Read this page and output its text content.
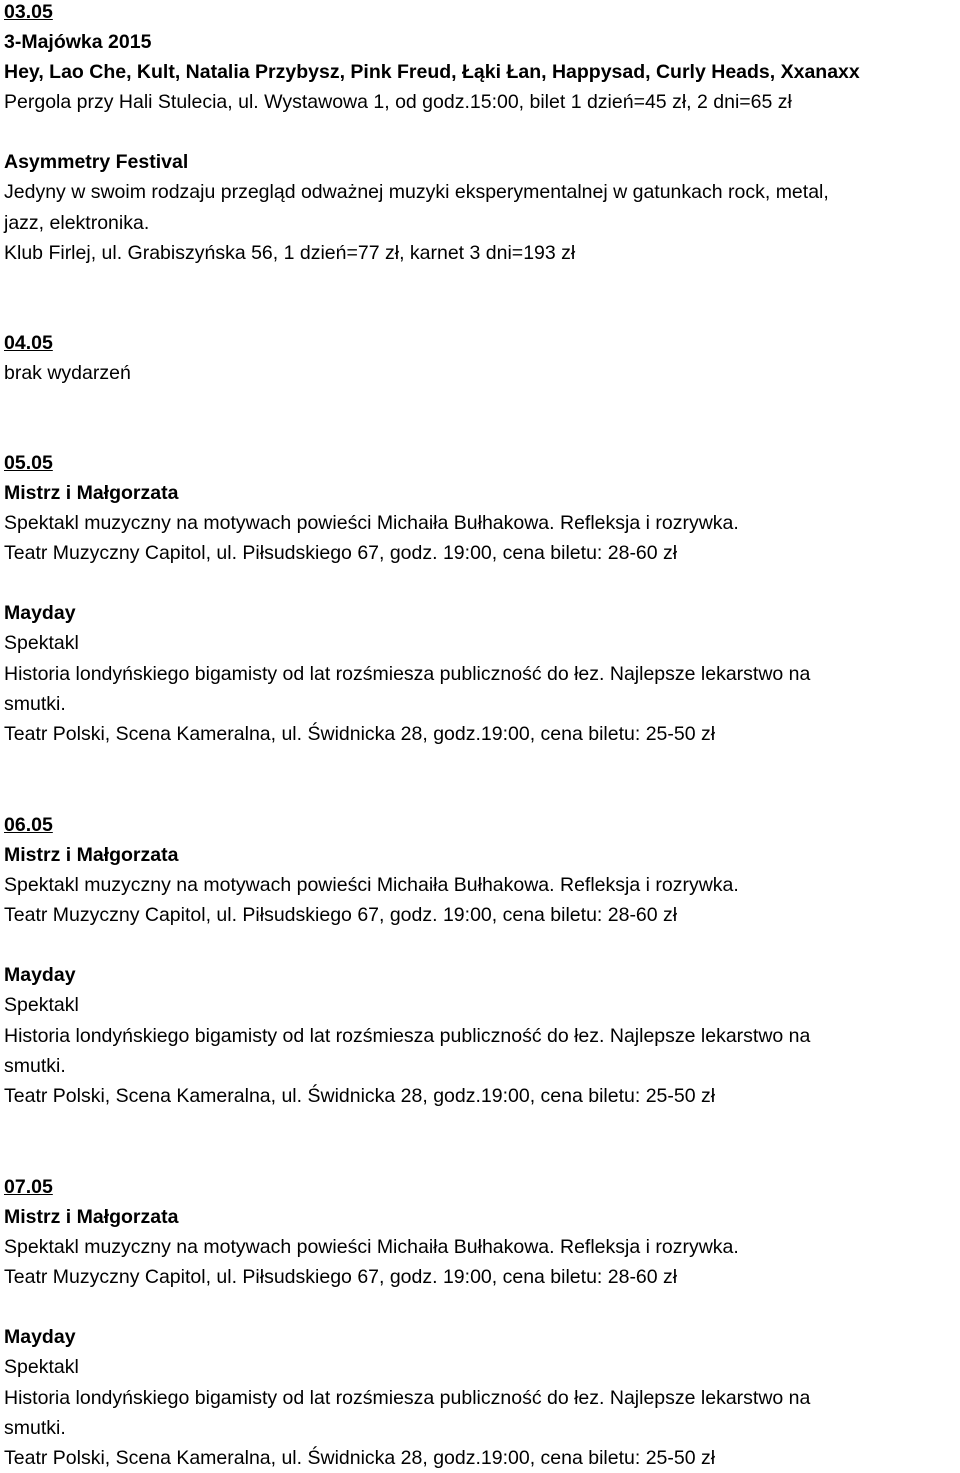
03.05

3-Majówka 2015

Hey, Lao Che, Kult, Natalia Przybysz, Pink Freud, Łąki Łan, Happysad, Curly Heads, Xxanaxx

Pergola przy Hali Stulecia, ul. Wystawowa 1, od godz.15:00, bilet 1 dzień=45 zł, 2 dni=65 zł

Asymmetry Festival

Jedyny w swoim rodzaju przegląd odważnej muzyki eksperymentalnej w gatunkach rock, metal,

jazz, elektronika.

Klub Firlej, ul. Grabiszyńska 56, 1 dzień=77 zł, karnet 3 dni=193 zł

04.05

brak wydarzeń

05.05

Mistrz i Małgorzata

Spektakl muzyczny na motywach powieści Michaiła Bułhakowa. Refleksja i rozrywka.

Teatr Muzyczny Capitol, ul. Piłsudskiego 67, godz. 19:00, cena biletu: 28-60 zł

Mayday

Spektakl

Historia londyńskiego bigamisty od lat rozśmiesza publiczność do łez. Najlepsze lekarstwo na

smutki.

Teatr Polski, Scena Kameralna, ul. Świdnicka 28, godz.19:00, cena biletu: 25-50 zł

06.05

Mistrz i Małgorzata

Spektakl muzyczny na motywach powieści Michaiła Bułhakowa. Refleksja i rozrywka.

Teatr Muzyczny Capitol, ul. Piłsudskiego 67, godz. 19:00, cena biletu: 28-60 zł

Mayday

Spektakl

Historia londyńskiego bigamisty od lat rozśmiesza publiczność do łez. Najlepsze lekarstwo na

smutki.

Teatr Polski, Scena Kameralna, ul. Świdnicka 28, godz.19:00, cena biletu: 25-50 zł

07.05

Mistrz i Małgorzata

Spektakl muzyczny na motywach powieści Michaiła Bułhakowa. Refleksja i rozrywka.

Teatr Muzyczny Capitol, ul. Piłsudskiego 67, godz. 19:00, cena biletu: 28-60 zł

Mayday

Spektakl

Historia londyńskiego bigamisty od lat rozśmiesza publiczność do łez. Najlepsze lekarstwo na

smutki.

Teatr Polski, Scena Kameralna, ul. Świdnicka 28, godz.19:00, cena biletu: 25-50 zł
